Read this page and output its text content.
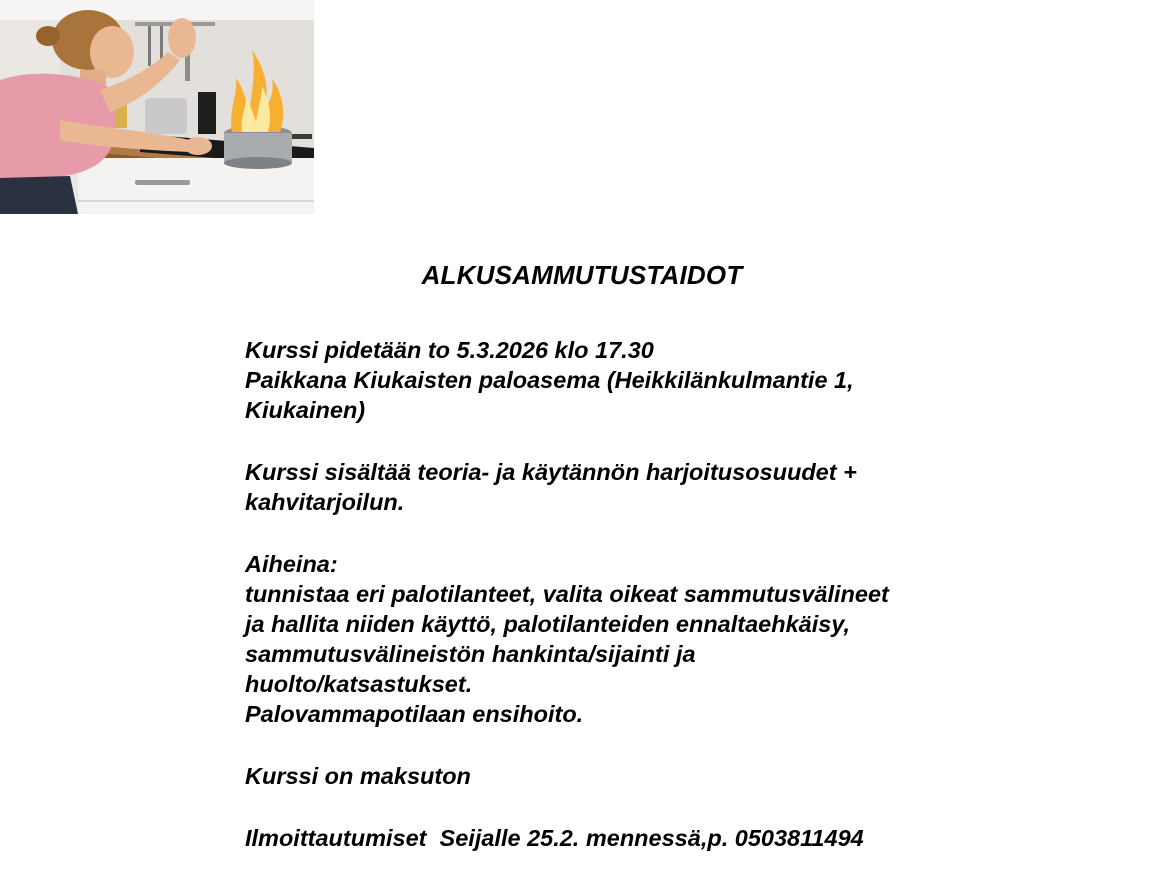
ALKUSAMMUTUSTAIDOT

Kurssi pidetään to 5.3.2026 klo 17.30
Paikkana Kiukaisten paloasema (Heikkilänkulmantie 1,
Kiukainen)

Kurssi sisältää teoria- ja käytännön harjoitusosuudet +
kahvitarjoilun.

Aiheina:
tunnistaa eri palotilanteet, valita oikeat sammutusvälineet
ja hallita niiden käyttö, palotilanteiden ennaltaehkäisy,
sammutusvälineistön hankinta/sijainti ja
huolto/katsastukset.
Palovammapotilaan ensihoito.

Kurssi on maksuton

Ilmoittautumiset  Seijalle 25.2. mennessä,p. 0503811494
